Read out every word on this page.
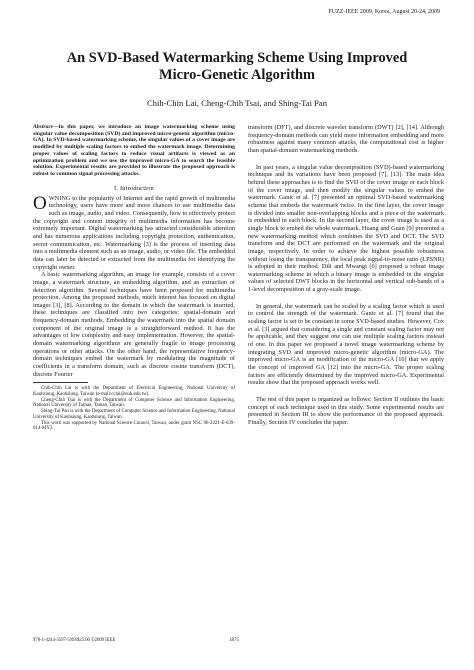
FUZZ-IEEE 2009, Korea, August 20-24, 2009
An SVD-Based Watermarking Scheme Using Improved
Micro-Genetic Algorithm
Chih-Chin Lai, Cheng-Chih Tsai, and Shing-Tai Pan

Abstract—In this paper, we introduce an image watermarking scheme using singular value decomposition (SVD) and improved micro-genetic algorithm (micro-GA). In SVD-based watermarking scheme, the singular values of a cover image are modified by multiple scaling factors to embed the watermark image. Determining proper values of scaling factors to reduce visual artifacts is viewed as an optimization problem and we use the improved micro-GA to search the feasible solution. Experimental results are provided to illustrate the proposed approach is robust to common signal processing attacks.

I. Introduction

OWNING to the popularity of Internet and the rapid growth of multimedia technology, users have more and more chances to use multimedia data such as image, audio, and video. Consequently, how to effectively protect the copyright and content integrity of multimedia information has become extremely important. Digital watermarking has attracted considerable attention and has numerous applications including copyright protection, authentication, secret communication, etc. Watermarking [3] is the process of inserting data into a multimedia element such as an image, audio, or video file. The embedded data can later be detected or extracted from the multimedia for identifying the copyright owner.

A basic watermarking algorithm, an image for example, consists of a cover image, a watermark structure, an embedding algorithm, and an extraction or detection algorithm. Several techniques have been proposed for multimedia protection. Among the proposed methods, much interest has focused on digital images [3], [8]. According to the domain in which the watermark is inserted, these techniques are classified into two categories: spatial-domain and frequency-domain methods. Embedding the watermark into the spatial domain component of the original image is a straightforward method. It has the advantages of low complexity and easy implementation. However, the spatial-domain watermarking algorithms are generally fragile to image processing operations or other attacks. On the other hand, the representative frequency-domain techniques embed the watermark by modulating the magnitude of coefficients in a transform domain, such as discrete cosine transform (DCT), discrete Fourier

Chih-Chin Lai is with the Department of Electrical Engineering, National University of Kaohsiung, Kaohsiung, Taiwan (e-mail:cclai@nuk.edu.tw).

Cheng-Chih Tsai is with the Department of Computer Science and Information Engineering, National University of Tainan, Tainan, Taiwan.

Shing-Tai Pan is with the Department of Computer Science and Information Engineering, National University of Kaohsiung, Kaohsiung, Taiwan.

This work was supported by National Science Council, Taiwan, under grant NSC 96-2221-E-039-014-MY2.

transform (DFT), and discrete wavelet transform (DWT) [2], [14]. Although frequency-domain methods can yield more information embedding and more robustness against many common attacks, the computational cost is higher than spatial-domain watermarking methods.

In past years, a singular value decomposition (SVD)-based watermarking technique and its variations have been proposed [7], [13]. The main idea behind these approaches is to find the SVD of the cover image or each block of the cover image, and then modify the singular values to embed the watermark. Ganic et al. [7] presented an optimal SVD-based watermarking scheme that embeds the watermark twice. In the first layer, the cover image is divided into smaller non-overlapping blocks and a piece of the watermark is embedded in each block. In the second layer, the cover image is used as a single block to embed the whole watermark. Huang and Guan [9] presented a new watermarking method which combines the SVD and DCT. The SVD transform and the DCT are performed on the watermark and the original image, respectively. In order to achieve the highest possible robustness without losing the transparency, the local peak signal-to-noise ratio (LPSNR) is adopted in their method. Dili and Mwangi [6] proposed a robust image watermarking scheme in which a binary image is embedded in the singular values of selected DWT blocks in the horizontal and vertical sub-bands of a 1-level decomposition of a gray-scale image.

In general, the watermark can be scaled by a scaling factor which is used to control the strength of the watermark. Ganic et al. [7] found that the scaling factor is set to be constant in some SVD-based studies. However, Cox et al. [3] argued that considering a single and constant scaling factor may not be applicable, and they suggest one can use multiple scaling factors instead of one. In this paper we proposed a novel image watermarking scheme by integrating SVD and improved micro-genetic algorithm (micro-GA). The improved micro-GA is an modification of the micro-GA [10] that we apply the concept of improved GA [12] into the micro-GA. The proper scaling factors are efficiently determined by the improved micro-GA. Experimental results show that the proposed approach works well.

The rest of this paper is organized as follows: Section II outlines the basic concept of each technique used in this study. Some experimental results are presented in Section III to show the performance of the proposed approach. Finally, Section IV concludes the paper.

978-1-4244-3597-5/09/$25.00 ©2009 IEEE	1875
